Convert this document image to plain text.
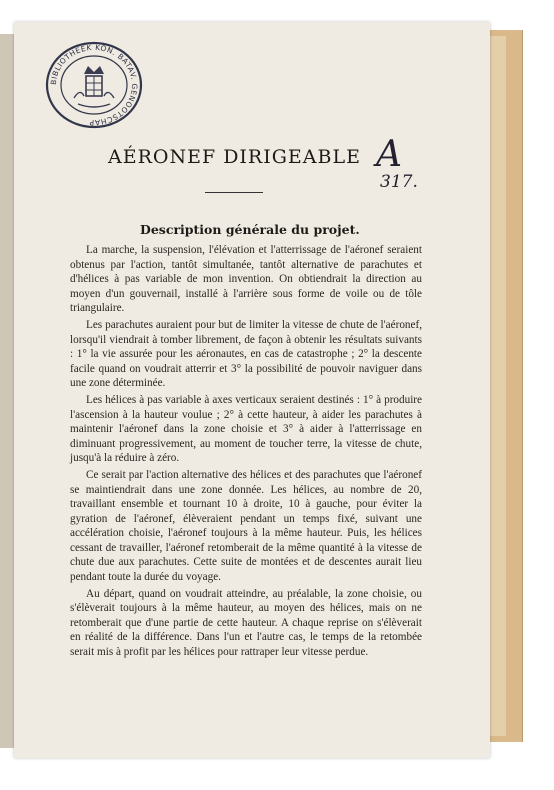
BIBLIOTHEEK KON. BATAV. GENOOTSCHAP
AÉRONEF DIRIGEABLE A
317.
Description générale du projet.

La marche, la suspension, l'élévation et l'atterrissage de l'aéronef seraient obtenus par l'action, tantôt simultanée, tantôt alternative de parachutes et d'hélices à pas variable de mon invention. On obtiendrait la direction au moyen d'un gouvernail, installé à l'arrière sous forme de voile ou de tôle triangulaire.

Les parachutes auraient pour but de limiter la vitesse de chute de l'aéronef, lorsqu'il viendrait à tomber librement, de façon à obtenir les résultats suivants : 1° la vie assurée pour les aéronautes, en cas de catastrophe ; 2° la descente facile quand on voudrait atterrir et 3° la possibilité de pouvoir naviguer dans une zone déterminée.

Les hélices à pas variable à axes verticaux seraient destinés : 1° à produire l'ascension à la hauteur voulue ; 2° à cette hauteur, à aider les parachutes à maintenir l'aéronef dans la zone choisie et 3° à aider à l'atterrissage en diminuant progressivement, au moment de toucher terre, la vitesse de chute, jusqu'à la réduire à zéro.

Ce serait par l'action alternative des hélices et des parachutes que l'aéronef se maintiendrait dans une zone donnée. Les hélices, au nombre de 20, travaillant ensemble et tournant 10 à droite, 10 à gauche, pour éviter la gyration de l'aéronef, élèveraient pendant un temps fixé, suivant une accélération choisie, l'aéronef toujours à la même hauteur. Puis, les hélices cessant de travailler, l'aéronef retomberait de la même quantité à la vitesse de chute due aux parachutes. Cette suite de montées et de descentes aurait lieu pendant toute la durée du voyage.

Au départ, quand on voudrait atteindre, au préalable, la zone choisie, ou s'élèverait toujours à la même hauteur, au moyen des hélices, mais on ne retomberait que d'une partie de cette hauteur. A chaque reprise on s'élèverait en réalité de la différence. Dans l'un et l'autre cas, le temps de la retombée serait mis à profit par les hélices pour rattraper leur vitesse perdue.
